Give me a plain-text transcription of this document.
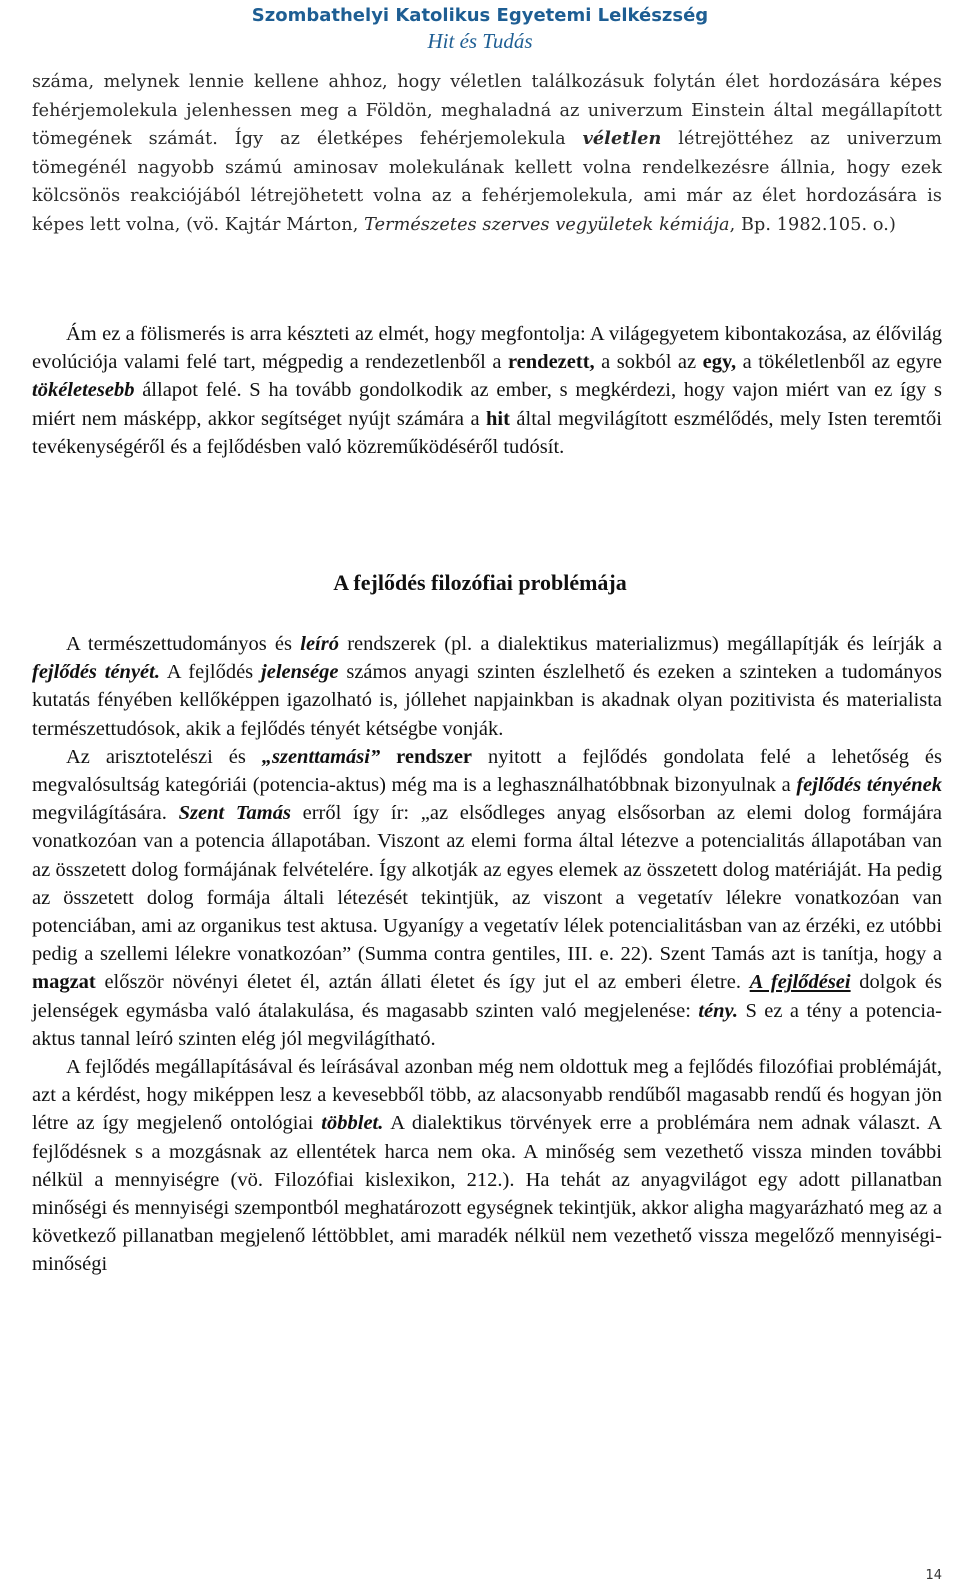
Szombathelyi Katolikus Egyetemi Lelkészség
Hit és Tudás
száma, melynek lennie kellene ahhoz, hogy véletlen találkozásuk folytán élet hordozására képes fehérjemolekula jelenhessen meg a Földön, meghaladná az univerzum Einstein által megállapított tömegének számát. Így az életképes fehérjemolekula véletlen létrejöttéhez az univerzum tömegénél nagyobb számú aminosav molekulának kellett volna rendelkezésre állnia, hogy ezek kölcsönös reakciójából létrejöhetett volna az a fehérjemolekula, ami már az élet hordozására is képes lett volna, (vö. Kajtár Márton, Természetes szerves vegyületek kémiája, Bp. 1982.105. o.)
Ám ez a fölismerés is arra készteti az elmét, hogy megfontolja: A világegyetem kibontakozása, az élővilág evolúciója valami felé tart, mégpedig a rendezetlenből a rendezett, a sokból az egy, a tökéletlenből az egyre tökéletesebb állapot felé. S ha tovább gondolkodik az ember, s megkérdezi, hogy vajon miért van ez így s miért nem másképp, akkor segítséget nyújt számára a hit által megvilágított eszmélődés, mely Isten teremtői tevékenységéről és a fejlődésben való közreműködéséről tudósít.
A fejlődés filozófiai problémája

A természettudományos és leíró rendszerek (pl. a dialektikus materializmus) megállapítják és leírják a fejlődés tényét. A fejlődés jelensége számos anyagi szinten észlelhető és ezeken a szinteken a tudományos kutatás fényében kellőképpen igazolható is, jóllehet napjainkban is akadnak olyan pozitivista és materialista természettudósok, akik a fejlődés tényét kétségbe vonják.

Az arisztotelészi és „szenttamási” rendszer nyitott a fejlődés gondolata felé a lehetőség és megvalósultság kategóriái (potencia-aktus) még ma is a leghasználhatóbbnak bizonyulnak a fejlődés tényének megvilágítására. Szent Tamás erről így ír: „az elsődleges anyag elsősorban az elemi dolog formájára vonatkozóan van a potencia állapotában. Viszont az elemi forma által létezve a potencialitás állapotában van az összetett dolog formájának felvételére. Így alkotják az egyes elemek az összetett dolog matériáját. Ha pedig az összetett dolog formája általi létezését tekintjük, az viszont a vegetatív lélekre vonatkozóan van potenciában, ami az organikus test aktusa. Ugyanígy a vegetatív lélek potencialitásban van az érzéki, ez utóbbi pedig a szellemi lélekre vonatkozóan” (Summa contra gentiles, III. e. 22). Szent Tamás azt is tanítja, hogy a magzat először növényi életet él, aztán állati életet és így jut el az emberi életre. A fejlődései dolgok és jelenségek egymásba való átalakulása, és magasabb szinten való megjelenése: tény. S ez a tény a potencia-aktus tannal leíró szinten elég jól megvilágítható.

A fejlődés megállapításával és leírásával azonban még nem oldottuk meg a fejlődés filozófiai problémáját, azt a kérdést, hogy miképpen lesz a kevesebből több, az alacsonyabb rendűből magasabb rendű és hogyan jön létre az így megjelenő ontológiai többlet. A dialektikus törvények erre a problémára nem adnak választ. A fejlődésnek s a mozgásnak az ellentétek harca nem oka. A minőség sem vezethető vissza minden további nélkül a mennyiségre (vö. Filozófiai kislexikon, 212.). Ha tehát az anyagvilágot egy adott pillanatban minőségi és mennyiségi szempontból meghatározott egységnek tekintjük, akkor aligha magyarázható meg az a következő pillanatban megjelenő léttöbblet, ami maradék nélkül nem vezethető vissza megelőző mennyiségi-minőségi

14
